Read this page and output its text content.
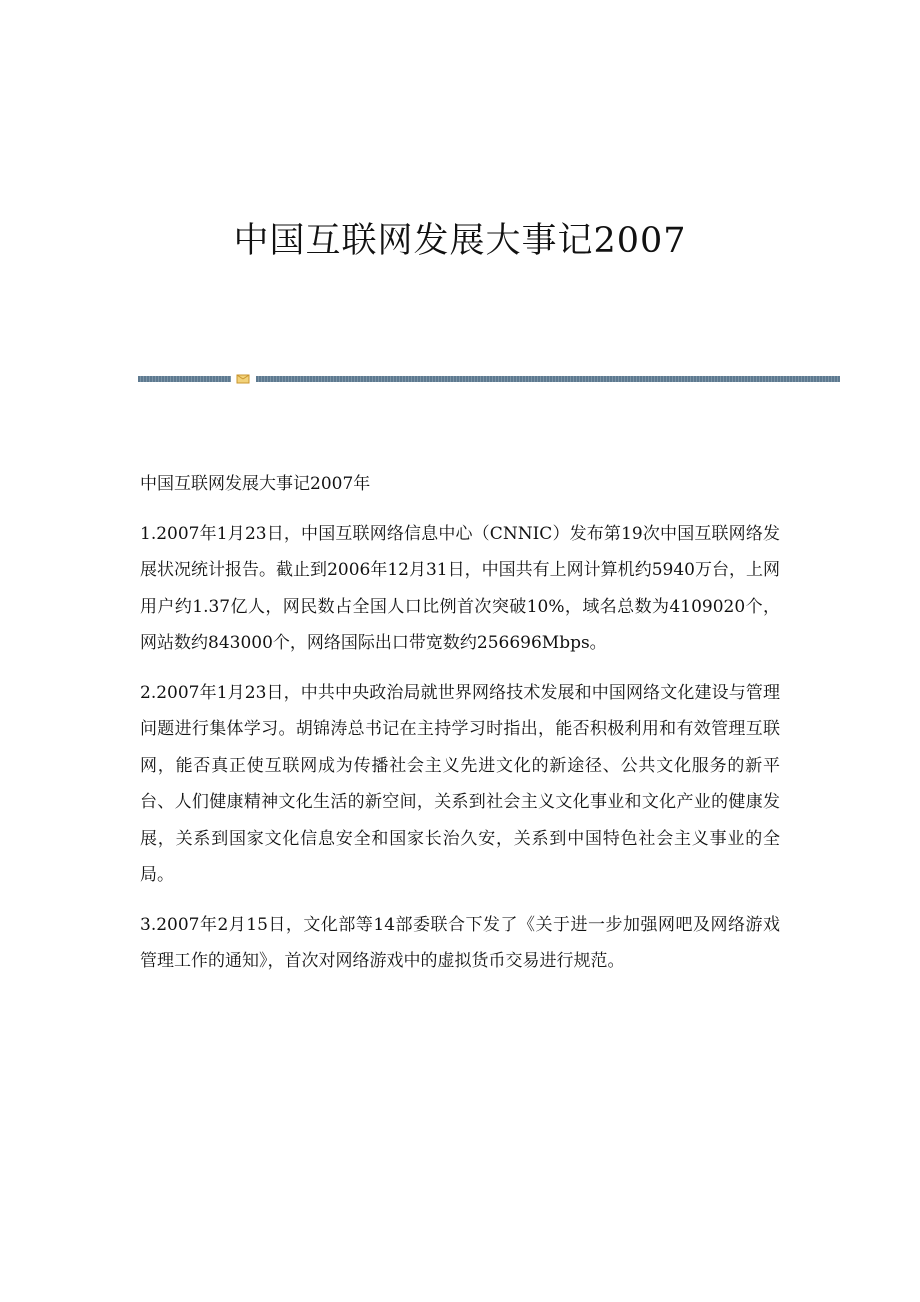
中国互联网发展大事记2007

中国互联网发展大事记2007年

1.2007年1月23日，中国互联网络信息中心（CNNIC）发布第19次中国互联网络发展状况统计报告。截止到2006年12月31日，中国共有上网计算机约5940万台，上网用户约1.37亿人，网民数占全国人口比例首次突破10%，域名总数为4109020个，网站数约843000个，网络国际出口带宽数约256696Mbps。

2.2007年1月23日，中共中央政治局就世界网络技术发展和中国网络文化建设与管理问题进行集体学习。胡锦涛总书记在主持学习时指出，能否积极利用和有效管理互联网，能否真正使互联网成为传播社会主义先进文化的新途径、公共文化服务的新平台、人们健康精神文化生活的新空间，关系到社会主义文化事业和文化产业的健康发展，关系到国家文化信息安全和国家长治久安，关系到中国特色社会主义事业的全局。

3.2007年2月15日，文化部等14部委联合下发了《关于进一步加强网吧及网络游戏管理工作的通知》，首次对网络游戏中的虚拟货币交易进行规范。
